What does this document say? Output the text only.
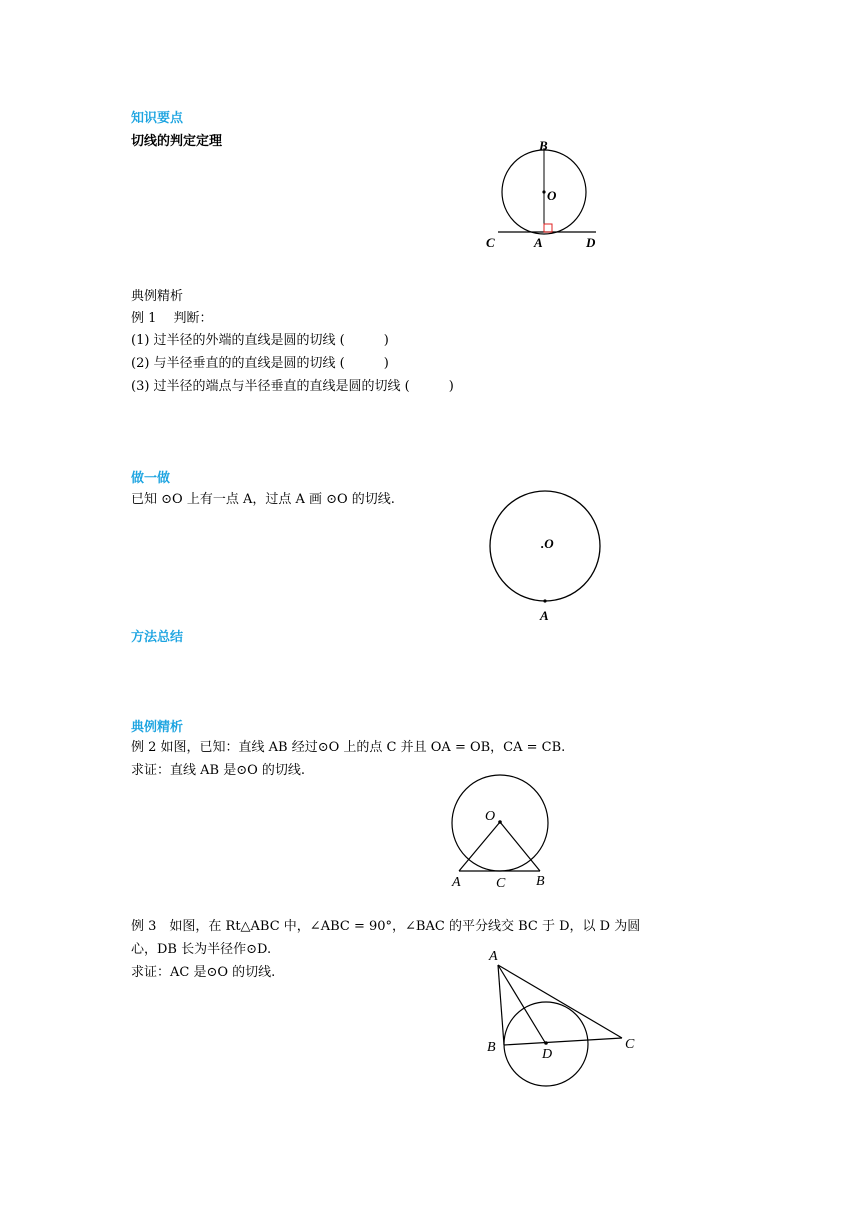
知识要点
切线的判定定理	B
O
C	A	D
典例精析
例 1　 判断：
(1) 过半径的外端的直线是圆的切线 (　　　)
(2) 与半径垂直的的直线是圆的切线 (　　　)
(3) 过半径的端点与半径垂直的直线是圆的切线 (　　　)
做一做
已知 ⊙O 上有一点 A，过点 A 画 ⊙O 的切线.
.O
A
方法总结
典例精析
例 2 如图，已知：直线 AB 经过⊙O 上的点 C 并且 OA = OB，CA = CB.
求证：直线 AB 是⊙O 的切线.
O
A	C B
例 3　如图，在 Rt△ABC 中，∠ABC = 90°，∠BAC 的平分线交 BC 于 D，以 D 为圆
心，DB 长为半径作⊙D.
求证：AC 是⊙O 的切线.
A
B	D
C
